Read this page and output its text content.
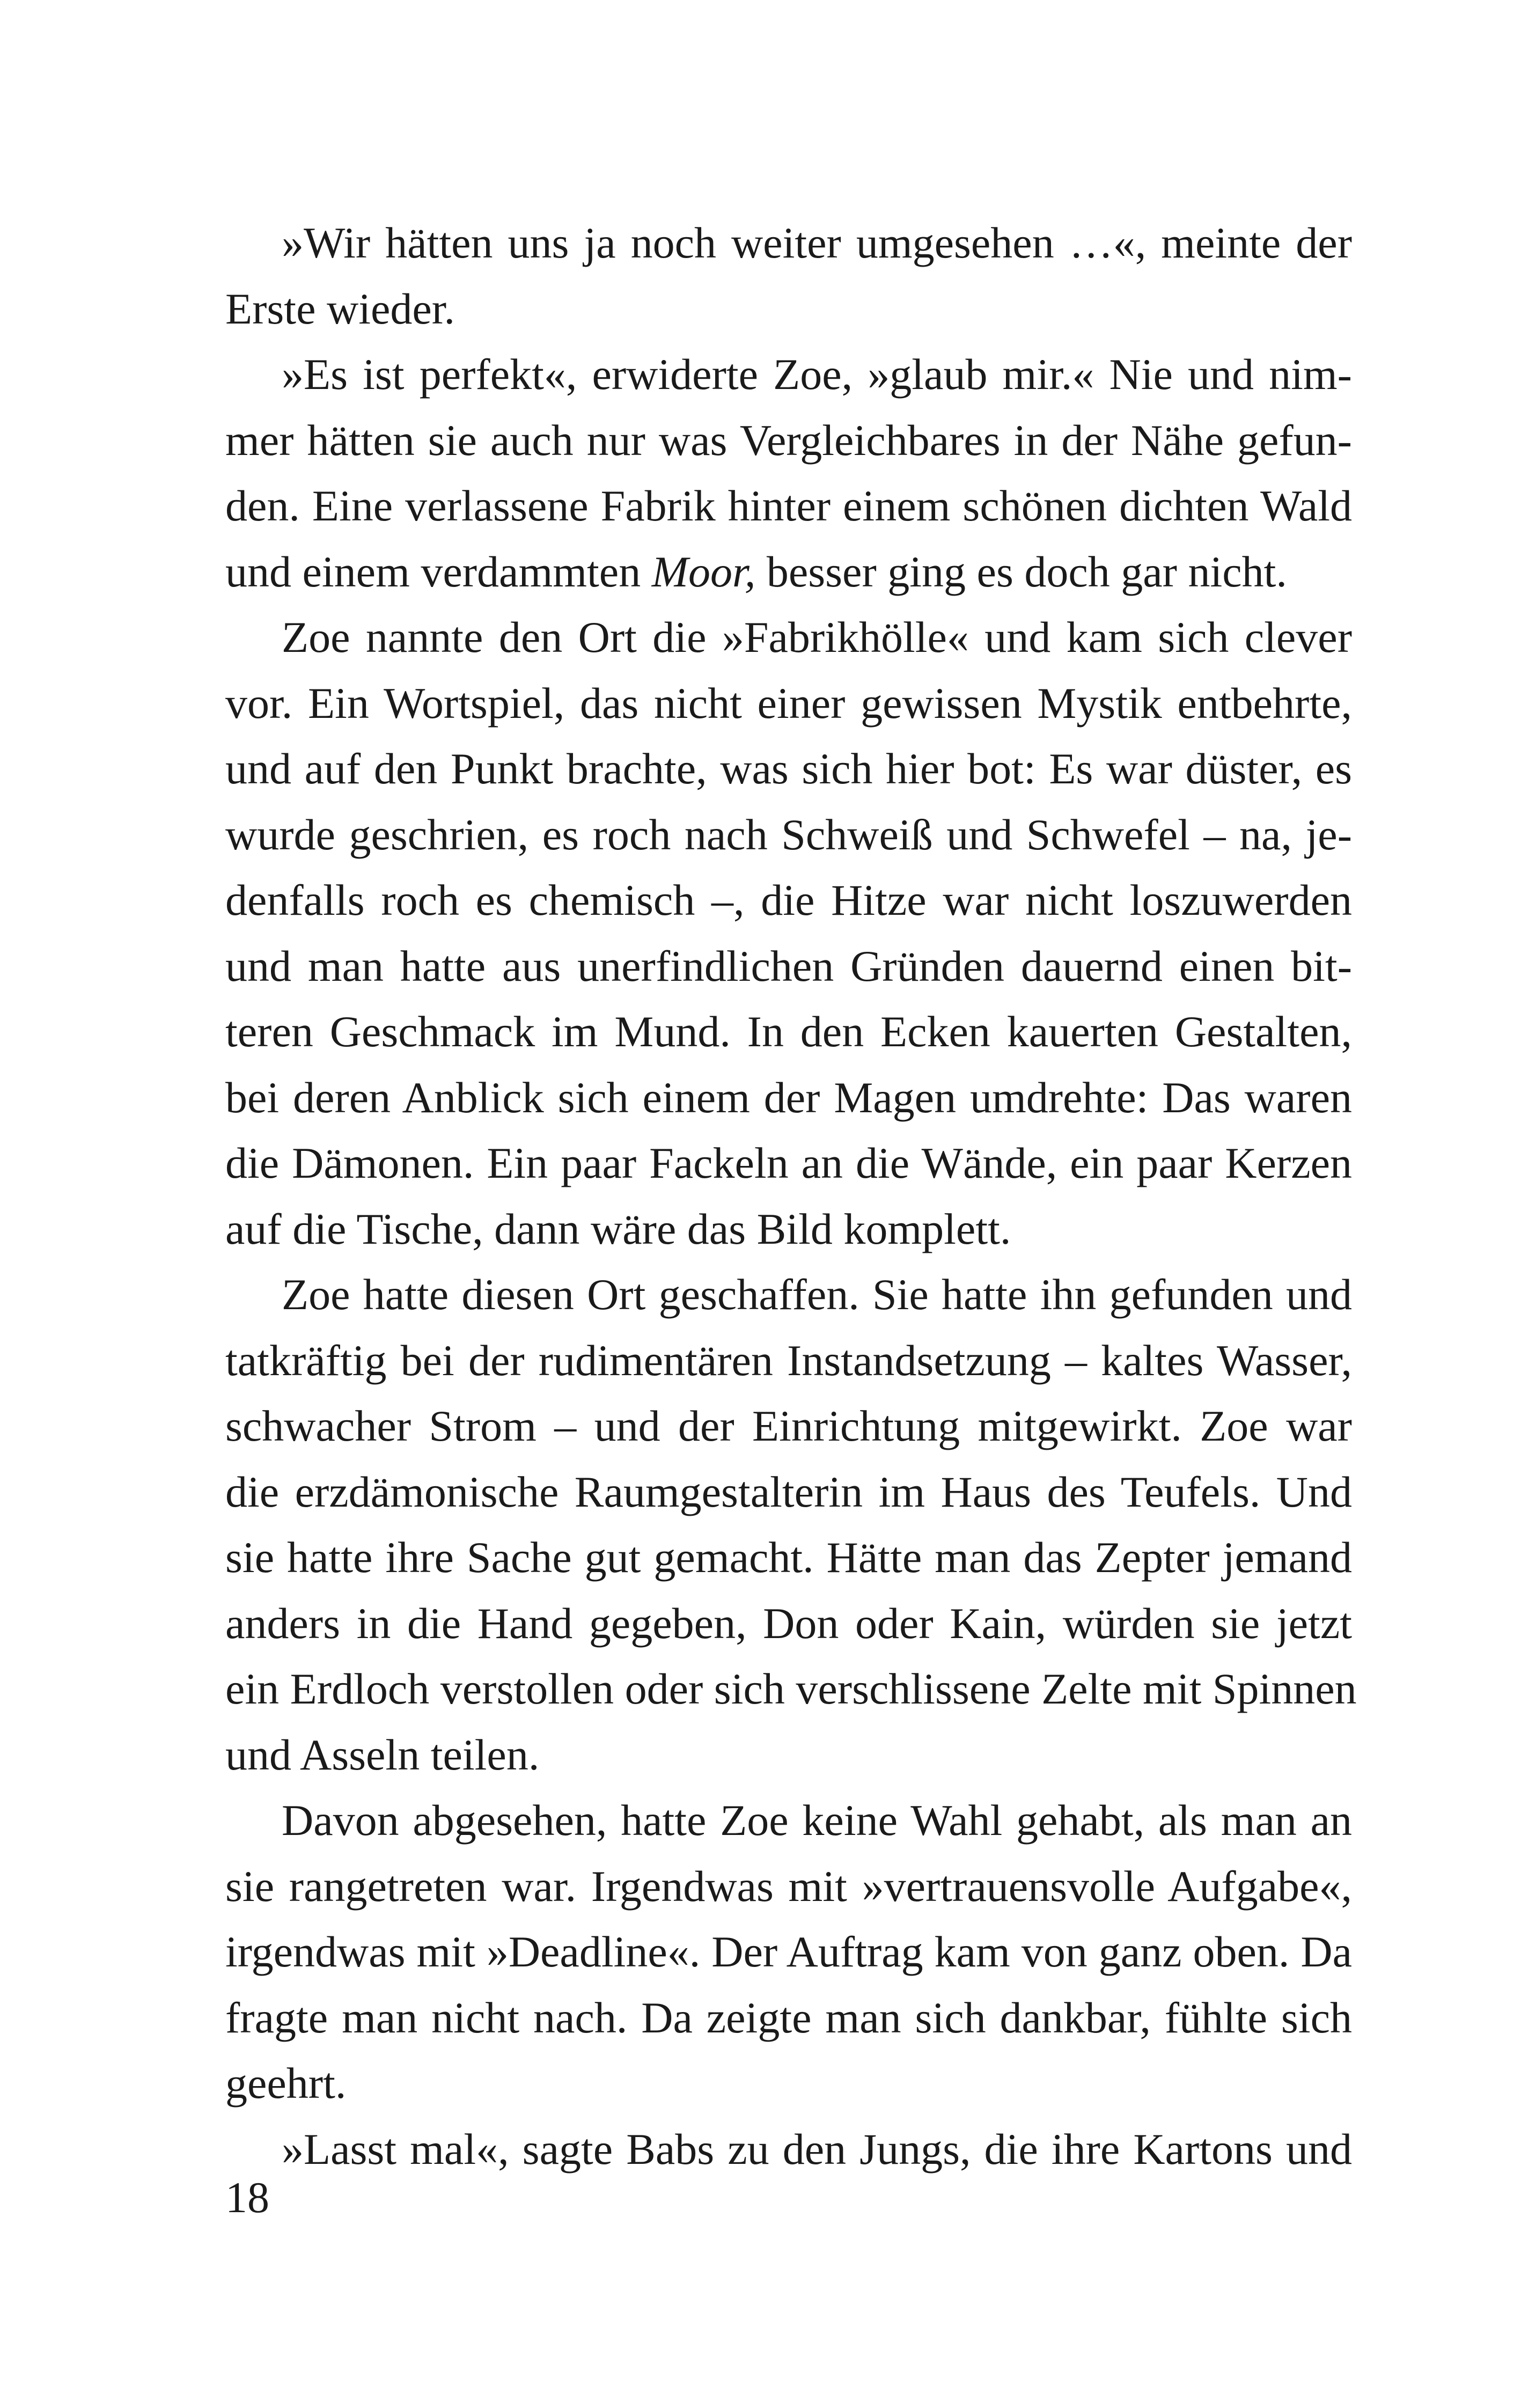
»Wir hätten uns ja noch weiter umgesehen …«, meinte der
Erste wieder.
»Es ist perfekt«, erwiderte Zoe, »glaub mir.« Nie und nim-
mer hätten sie auch nur was Vergleichbares in der Nähe gefun-
den. Eine verlassene Fabrik hinter einem schönen dichten Wald
und einem verdammten Moor, besser ging es doch gar nicht.
Zoe nannte den Ort die »Fabrikhölle« und kam sich clever
vor. Ein Wortspiel, das nicht einer gewissen Mystik entbehrte,
und auf den Punkt brachte, was sich hier bot: Es war düster, es
wurde geschrien, es roch nach Schweiß und Schwefel – na, je-
denfalls roch es chemisch –, die Hitze war nicht loszuwerden
und man hatte aus unerfindlichen Gründen dauernd einen bit-
teren Geschmack im Mund. In den Ecken kauerten Gestalten,
bei deren Anblick sich einem der Magen umdrehte: Das waren
die Dämonen. Ein paar Fackeln an die Wände, ein paar Kerzen
auf die Tische, dann wäre das Bild komplett.
Zoe hatte diesen Ort geschaffen. Sie hatte ihn gefunden und
tatkräftig bei der rudimentären Instandsetzung – kaltes Wasser,
schwacher Strom – und der Einrichtung mitgewirkt. Zoe war
die erzdämonische Raumgestalterin im Haus des Teufels. Und
sie hatte ihre Sache gut gemacht. Hätte man das Zepter jemand
anders in die Hand gegeben, Don oder Kain, würden sie jetzt
ein Erdloch verstollen oder sich verschlissene Zelte mit Spinnen
und Asseln teilen.
Davon abgesehen, hatte Zoe keine Wahl gehabt, als man an
sie rangetreten war. Irgendwas mit »vertrauensvolle Aufgabe«,
irgendwas mit »Deadline«. Der Auftrag kam von ganz oben. Da
fragte man nicht nach. Da zeigte man sich dankbar, fühlte sich
geehrt.
»Lasst mal«, sagte Babs zu den Jungs, die ihre Kartons und
18
